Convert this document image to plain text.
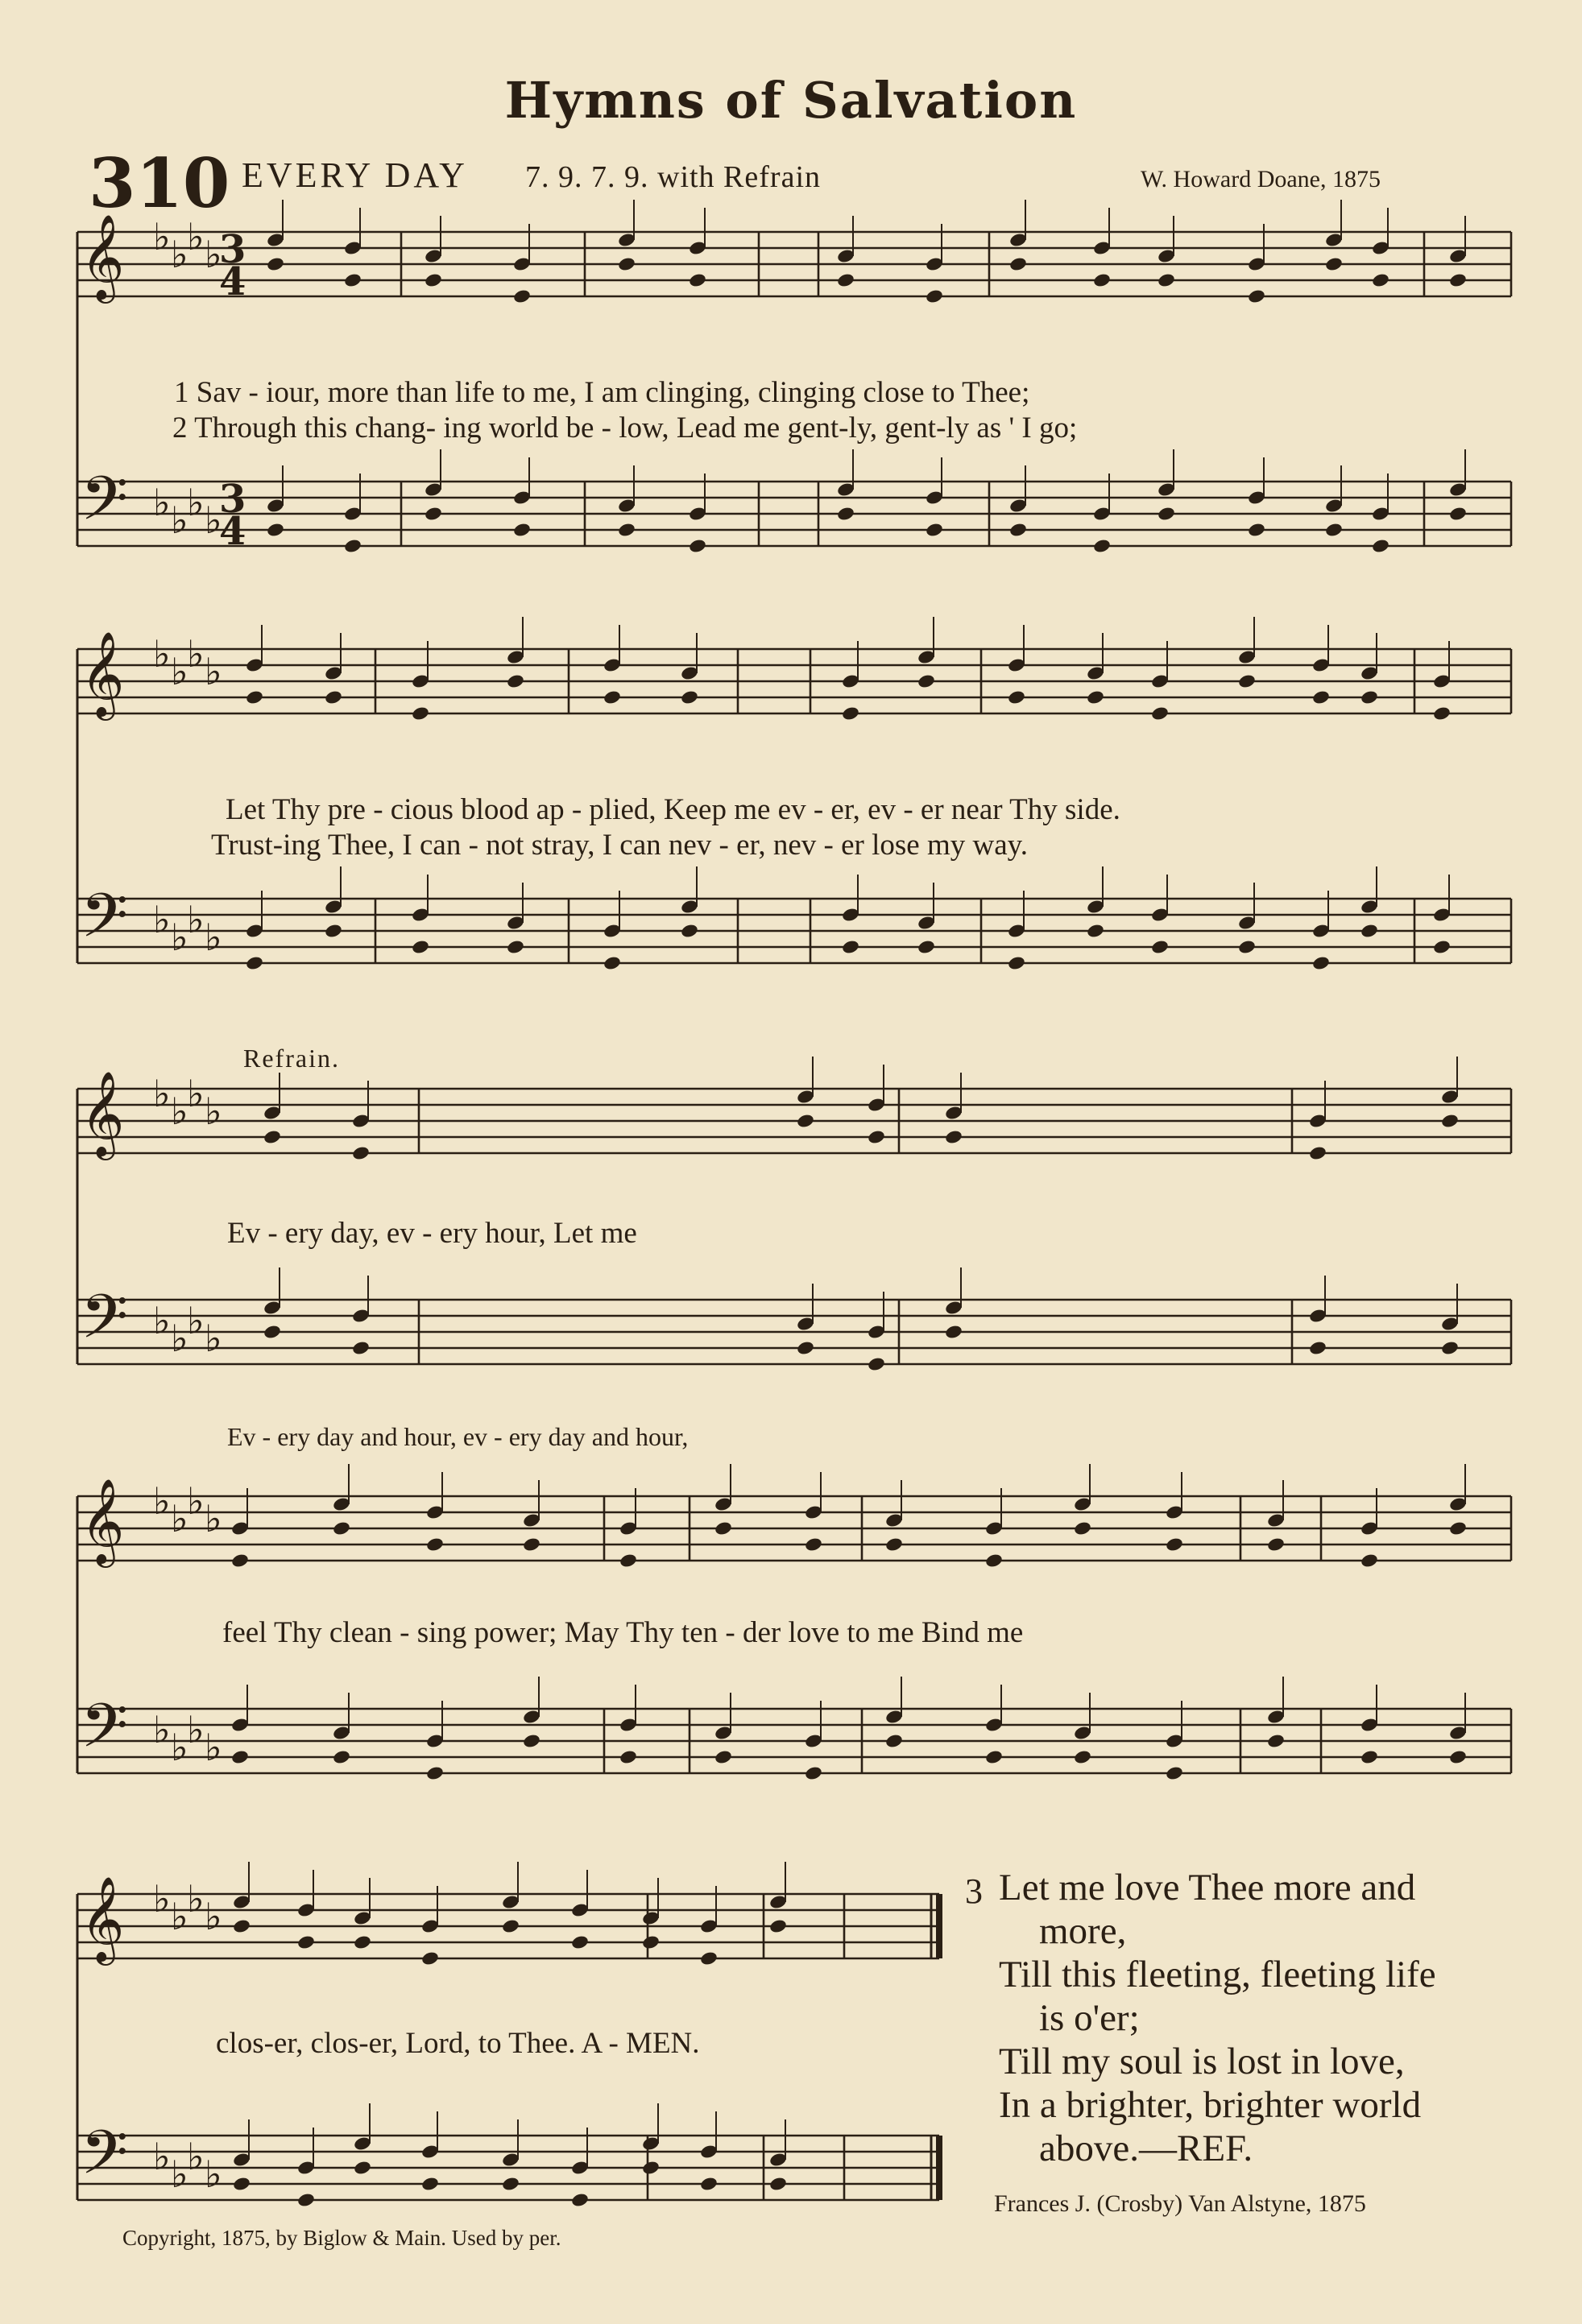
Hymns of Salvation
310 EVERY DAY 7. 9. 7. 9. with Refrain	W. Howard Doane, 1875
𝄞
𝄢
♭
♭
♭
♭
♭
♭
♭
♭
3
4
3
4
𝄞
𝄢
♭
♭
♭
♭
♭
♭
♭
♭
𝄞
𝄢
♭
♭
♭
♭
♭
♭
♭
♭
𝄞
𝄢
♭
♭
♭
♭
♭
♭
♭
♭
𝄞
𝄢
♭
♭
♭
♭
♭
♭
♭
♭
1 Sav - iour, more than life to me, I am clinging, clinging close to Thee;
2 Through this chang- ing world be - low, Lead me gent-ly, gent-ly as ' I go;
Let Thy pre - cious blood ap - plied, Keep me ev - er, ev - er near Thy side.
Trust-ing Thee, I can - not stray, I can nev - er, nev - er lose my way.
Refrain.
Ev - ery day, ev - ery hour, Let me
Ev - ery day and hour, ev - ery day and hour,
feel Thy clean - sing power; May Thy ten - der love to me Bind me
clos-er, clos-er, Lord, to Thee. A - MEN.
3 Let me love Thee more and
more,
Till this fleeting, fleeting life
is o'er;
Till my soul is lost in love,
In a brighter, brighter world
above.—REF.
Frances J. (Crosby) Van Alstyne, 1875
Copyright, 1875, by Biglow & Main. Used by per.
